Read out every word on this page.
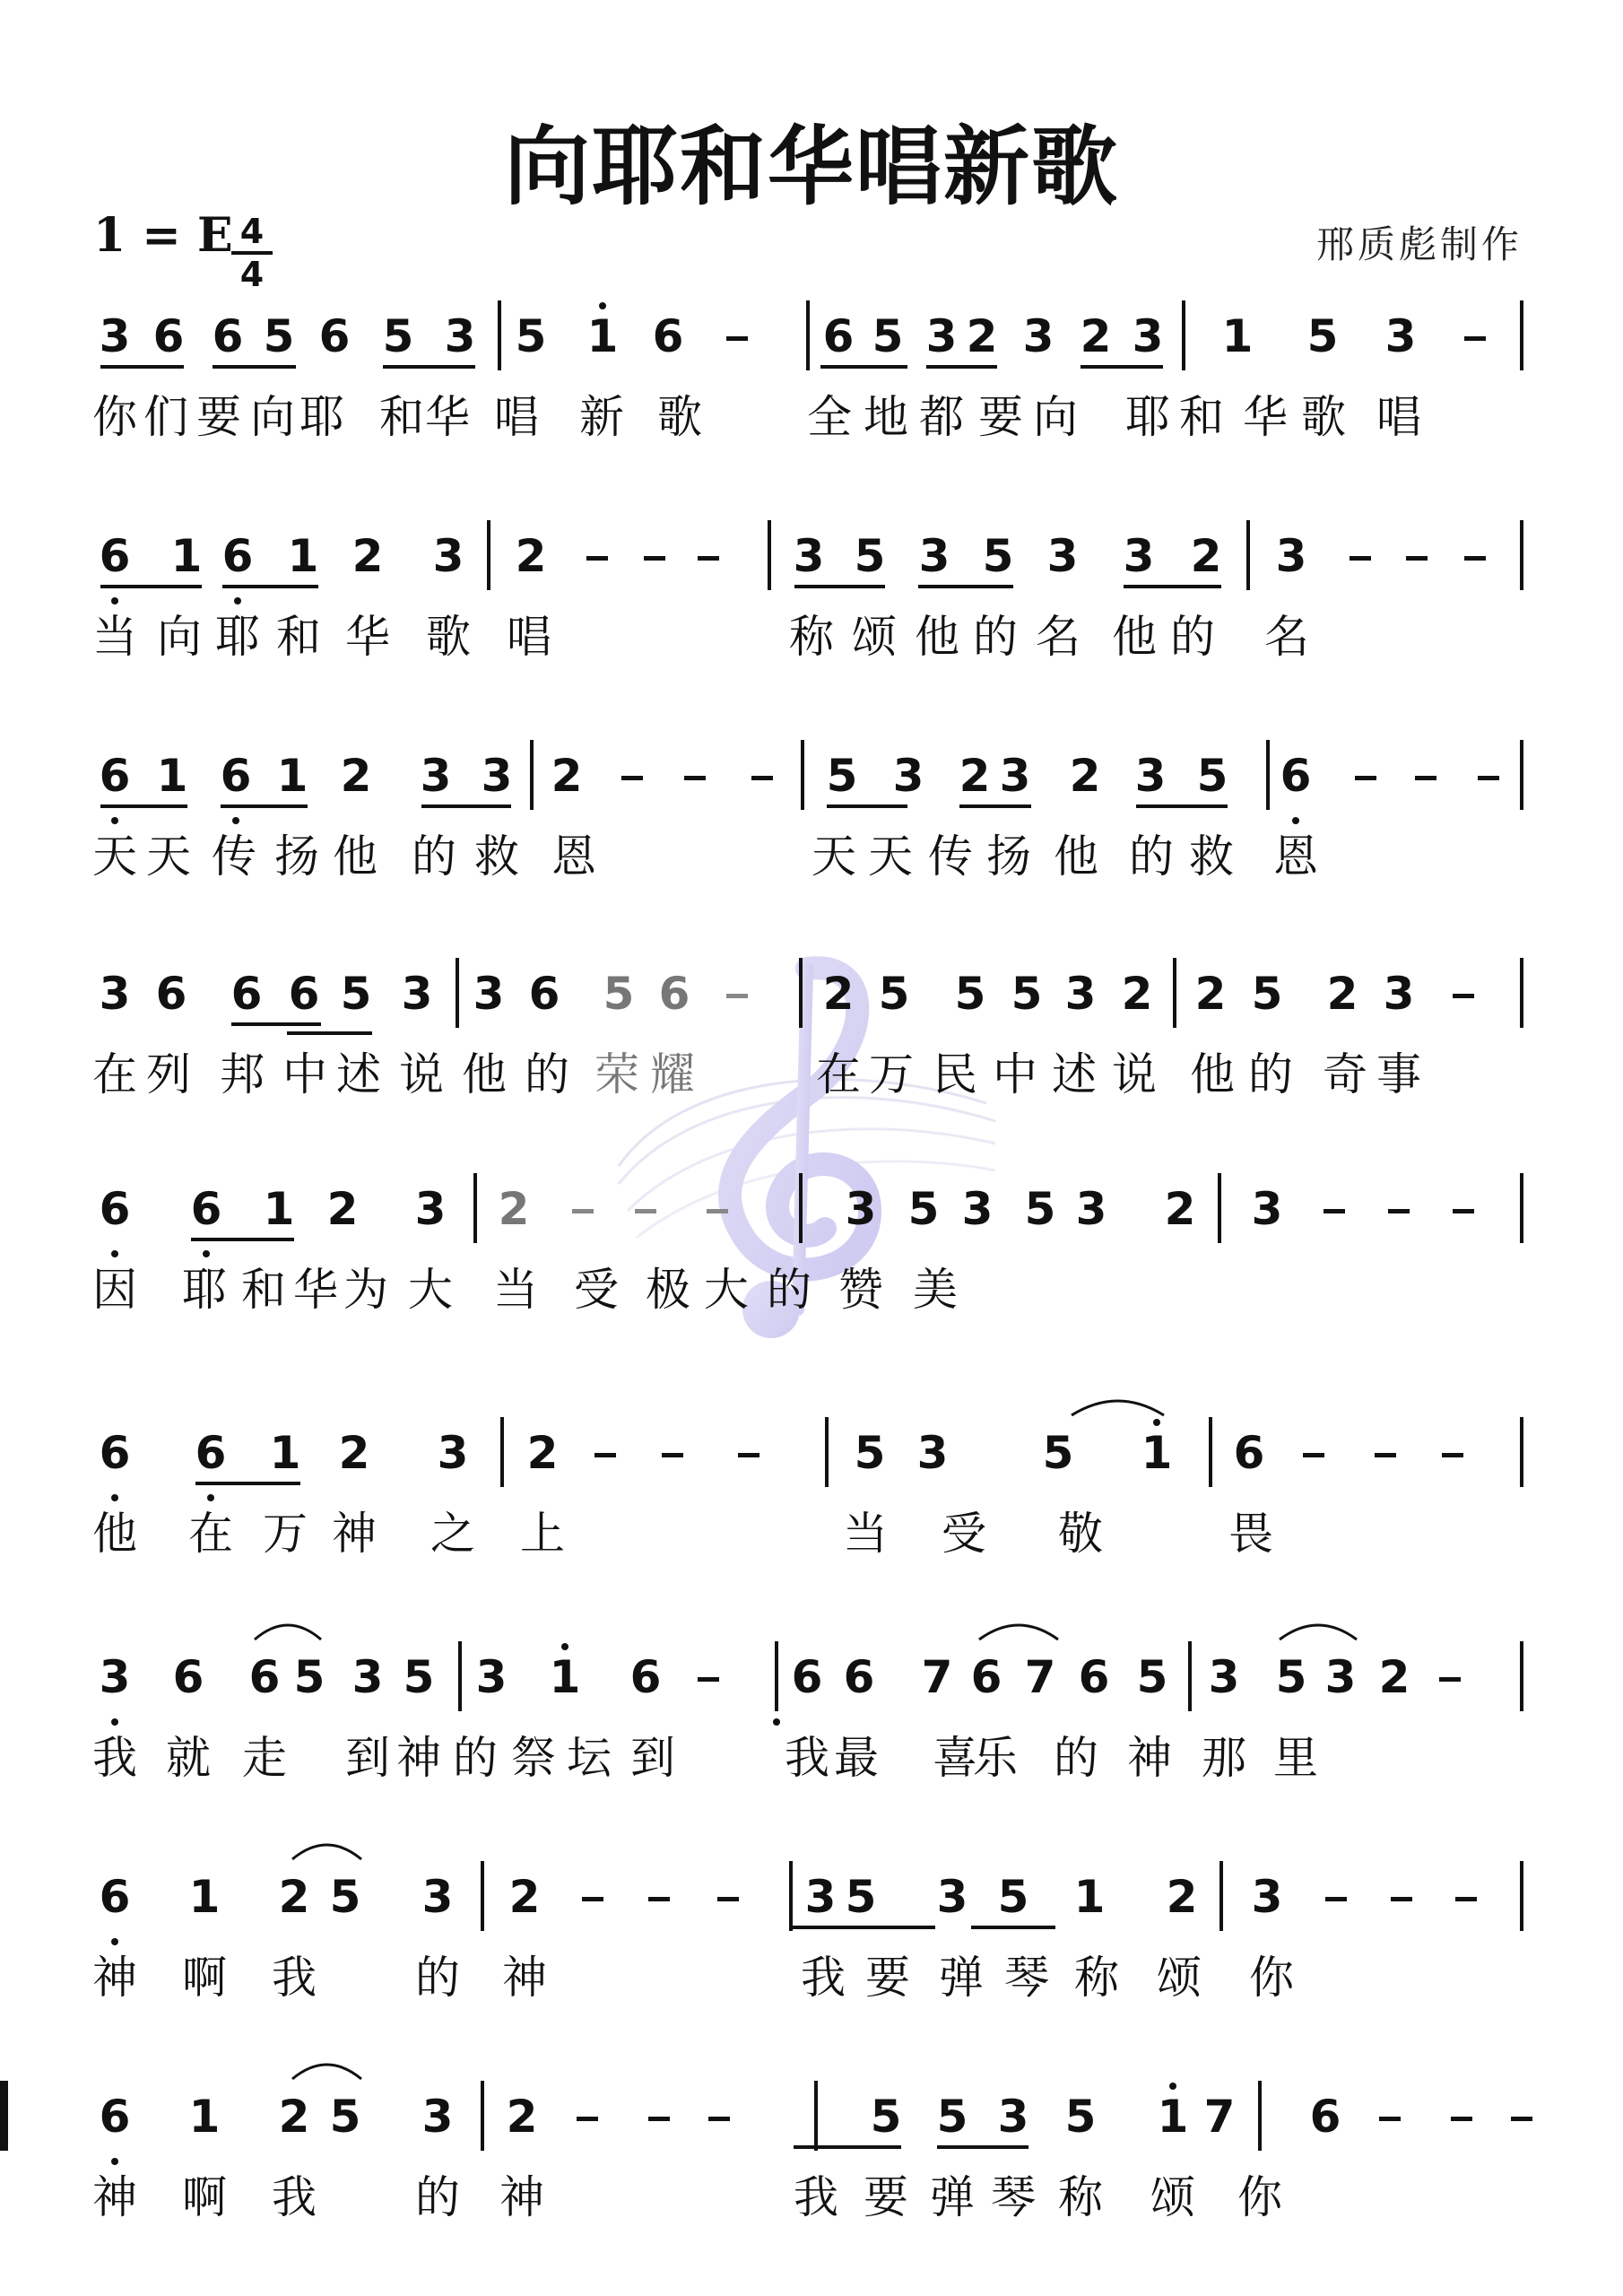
向耶和华唱新歌
1 = E 4
4
邢质彪制作
3 6 6 5 6 5 3 5 1 6	6 5 3 2 3 2 3 1 5 3
你 们 要 向 耶 和 华 唱 新 歌 全 地 都 要 向 耶 和 华 歌 唱
6 1 6 1 2 3 2	3 5 3 5 3 3 2 3
当 向 耶 和 华 歌 唱	称 颂 他 的 名 他 的 名
6 1 6 1 2 3 3 2	5 3 2 3 2 3 5 6
天 天 传 扬 他 的 救 恩	天 天 传 扬 他 的 救 恩
3 6 6 6 5 3 3 6 5 6	2 5 5 5 3 2 2 5 2 3
在 列 邦 中 述 说 他 的 荣 耀	在 万 民 中 述 说 他 的 奇 事
6 6 1 2 3 2	3 5 3 5 3 2 3
因 耶 和 华 为 大 当 受 极 大 的 赞 美
6 6 1 2 3 2	5 3 5 1 6
他 在 万 神 之 上	当 受 敬	畏
3 6 6 5 3 5 3 1 6	6 6 7 6 7 6 5 3 5 3 2
我 就 走 到 神 的 祭 坛 到 我 最 喜
乐 的 神 那 里
6 1 2 5 3 2	3 5 3 5 1 2 3
神 啊 我 的 神	我 要 弹 琴 称 颂 你
6 1 2 5 3 2	5 5 3 5 1 7 6
神 啊 我 的 神	我 要 弹 琴 称 颂 你
